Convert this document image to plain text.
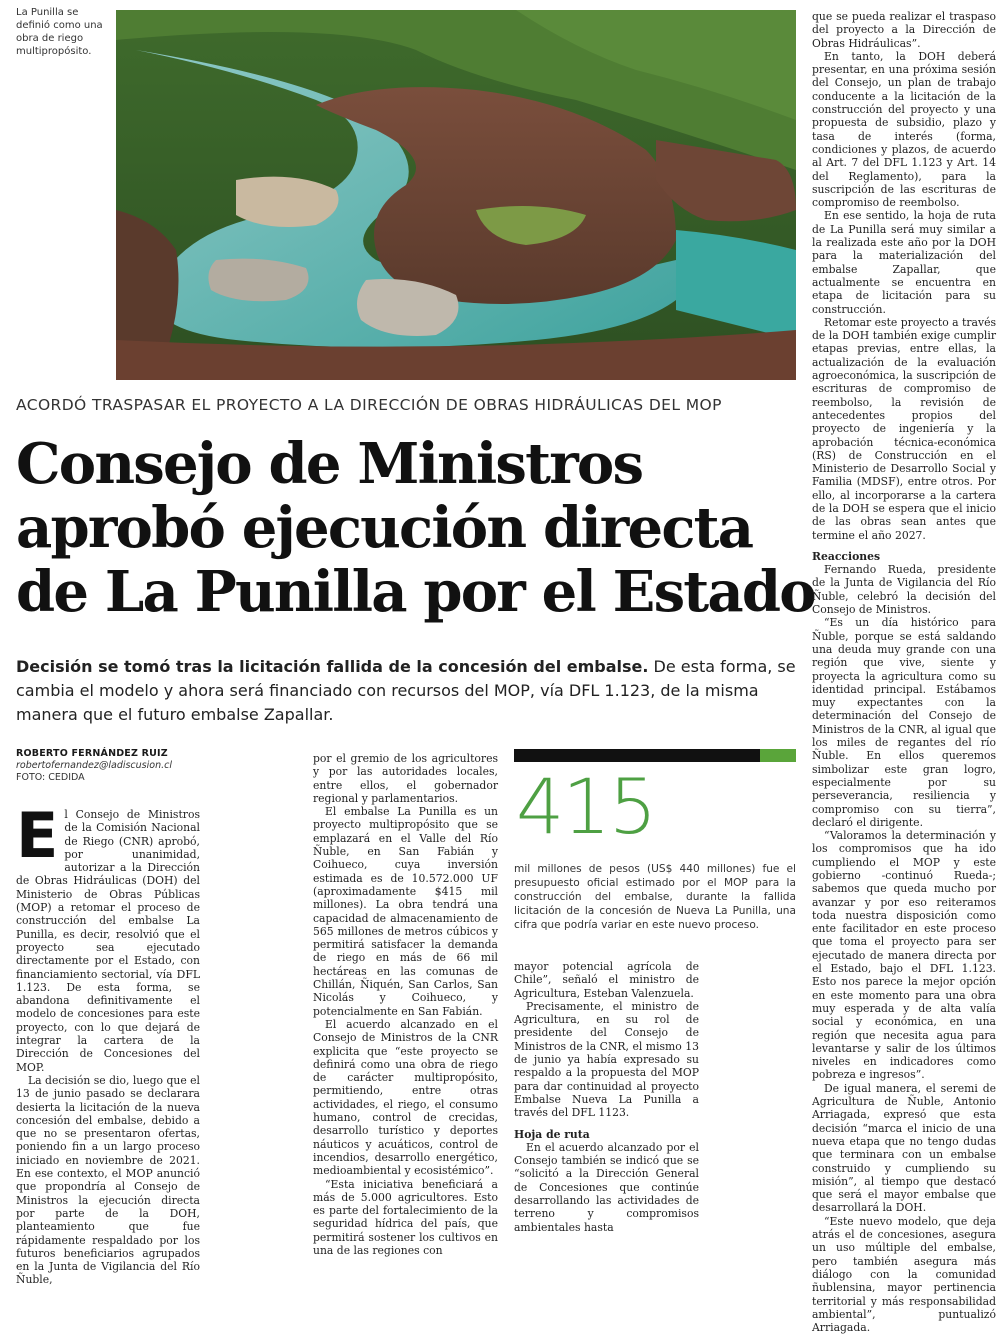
La Punilla se definió como una obra de riego multipropósito.
ACORDÓ TRASPASAR EL PROYECTO A LA DIRECCIÓN DE OBRAS HIDRÁULICAS DEL MOP
Consejo de Ministros
aprobó ejecución directa
de La Punilla por el Estado

Decisión se tomó tras la licitación fallida de la concesión del embalse. De esta forma, se cambia el modelo y ahora será financiado con recursos del MOP, vía DFL 1.123, de la misma manera que el futuro embalse Zapallar.

ROBERTO FERNÁNDEZ RUIZ
robertofernandez@ladiscusion.cl
FOTO: CEDIDA

El Consejo de Ministros de la Comisión Nacional de Riego (CNR) aprobó, por unanimidad, autorizar a la Dirección de Obras Hidráulicas (DOH) del Ministerio de Obras Públicas (MOP) a retomar el proceso de construcción del embalse La Punilla, es decir, resolvió que el proyecto sea ejecutado directamente por el Estado, con financiamiento sectorial, vía DFL 1.123. De esta forma, se abandona definitivamente el modelo de concesiones para este proyecto, con lo que dejará de integrar la cartera de la Dirección de Concesiones del MOP.

La decisión se dio, luego que el 13 de junio pasado se declarara desierta la licitación de la nueva concesión del embalse, debido a que no se presentaron ofertas, poniendo fin a un largo proceso iniciado en noviembre de 2021. En ese contexto, el MOP anunció que propondría al Consejo de Ministros la ejecución directa por parte de la DOH, planteamiento que fue rápidamente respaldado por los futuros beneficiarios agrupados en la Junta de Vigilancia del Río Ñuble,

por el gremio de los agricultores y por las autoridades locales, entre ellos, el gobernador regional y parlamentarios.

El embalse La Punilla es un proyecto multipropósito que se emplazará en el Valle del Río Ñuble, en San Fabián y Coihueco, cuya inversión estimada es de 10.572.000 UF (aproximadamente $415 mil millones). La obra tendrá una capacidad de almacenamiento de 565 millones de metros cúbicos y permitirá satisfacer la demanda de riego en más de 66 mil hectáreas en las comunas de Chillán, Ñiquén, San Carlos, San Nicolás y Coihueco, y potencialmente en San Fabián.

El acuerdo alcanzado en el Consejo de Ministros de la CNR explicita que “este proyecto se definirá como una obra de riego de carácter multipropósito, permitiendo, entre otras actividades, el riego, el consumo humano, control de crecidas, desarrollo turístico y deportes náuticos y acuáticos, control de incendios, desarrollo energético, medioambiental y ecosistémico”.

“Esta iniciativa beneficiará a más de 5.000 agricultores. Esto es parte del fortalecimiento de la seguridad hídrica del país, que permitirá sostener los cultivos en una de las regiones con

415
mil millones de pesos (US$ 440 millones) fue el presupuesto oficial estimado por el MOP para la construcción del embalse, durante la fallida licitación de la concesión de Nueva La Punilla, una cifra que podría variar en este nuevo proceso.

mayor potencial agrícola de Chile”, señaló el ministro de Agricultura, Esteban Valenzuela.

Precisamente, el ministro de Agricultura, en su rol de presidente del Consejo de Ministros de la CNR, el mismo 13 de junio ya había expresado su respaldo a la propuesta del MOP para dar continuidad al proyecto Embalse Nueva La Punilla a través del DFL 1123.

Hoja de ruta

En el acuerdo alcanzado por el Consejo también se indicó que se “solicitó a la Dirección General de Concesiones que continúe desarrollando las actividades de terreno y compromisos ambientales hasta

que se pueda realizar el traspaso del proyecto a la Dirección de Obras Hidráulicas”.

En tanto, la DOH deberá presentar, en una próxima sesión del Consejo, un plan de trabajo conducente a la licitación de la construcción del proyecto y una propuesta de subsidio, plazo y tasa de interés (forma, condiciones y plazos, de acuerdo al Art. 7 del DFL 1.123 y Art. 14 del Reglamento), para la suscripción de las escrituras de compromiso de reembolso.

En ese sentido, la hoja de ruta de La Punilla será muy similar a la realizada este año por la DOH para la materialización del embalse Zapallar, que actualmente se encuentra en etapa de licitación para su construcción.

Retomar este proyecto a través de la DOH también exige cumplir etapas previas, entre ellas, la actualización de la evaluación agroeconómica, la suscripción de escrituras de compromiso de reembolso, la revisión de antecedentes propios del proyecto de ingeniería y la aprobación técnica-económica (RS) de Construcción en el Ministerio de Desarrollo Social y Familia (MDSF), entre otros. Por ello, al incorporarse a la cartera de la DOH se espera que el inicio de las obras sean antes que termine el año 2027.

Reacciones

Fernando Rueda, presidente de la Junta de Vigilancia del Río Ñuble, celebró la decisión del Consejo de Ministros.

“Es un día histórico para Ñuble, porque se está saldando una deuda muy grande con una región que vive, siente y proyecta la agricultura como su identidad principal. Estábamos muy expectantes con la determinación del Consejo de Ministros de la CNR, al igual que los miles de regantes del río Ñuble. En ellos queremos simbolizar este gran logro, especialmente por su perseverancia, resiliencia y compromiso con su tierra”, declaró el dirigente.

“Valoramos la determinación y los compromisos que ha ido cumpliendo el MOP y este gobierno -continuó Rueda-; sabemos que queda mucho por avanzar y por eso reiteramos toda nuestra disposición como ente facilitador en este proceso que toma el proyecto para ser ejecutado de manera directa por el Estado, bajo el DFL 1.123. Esto nos parece la mejor opción en este momento para una obra muy esperada y de alta valía social y económica, en una región que necesita agua para levantarse y salir de los últimos niveles en indicadores como pobreza e ingresos”.

De igual manera, el seremi de Agricultura de Ñuble, Antonio Arriagada, expresó que esta decisión “marca el inicio de una nueva etapa que no tengo dudas que terminara con un embalse construido y cumpliendo su misión”, al tiempo que destacó que será el mayor embalse que desarrollará la DOH.

“Este nuevo modelo, que deja atrás el de concesiones, asegura un uso múltiple del embalse, pero también asegura más diálogo con la comunidad ñublensina, mayor pertinencia territorial y más responsabilidad ambiental”, puntualizó Arriagada.
